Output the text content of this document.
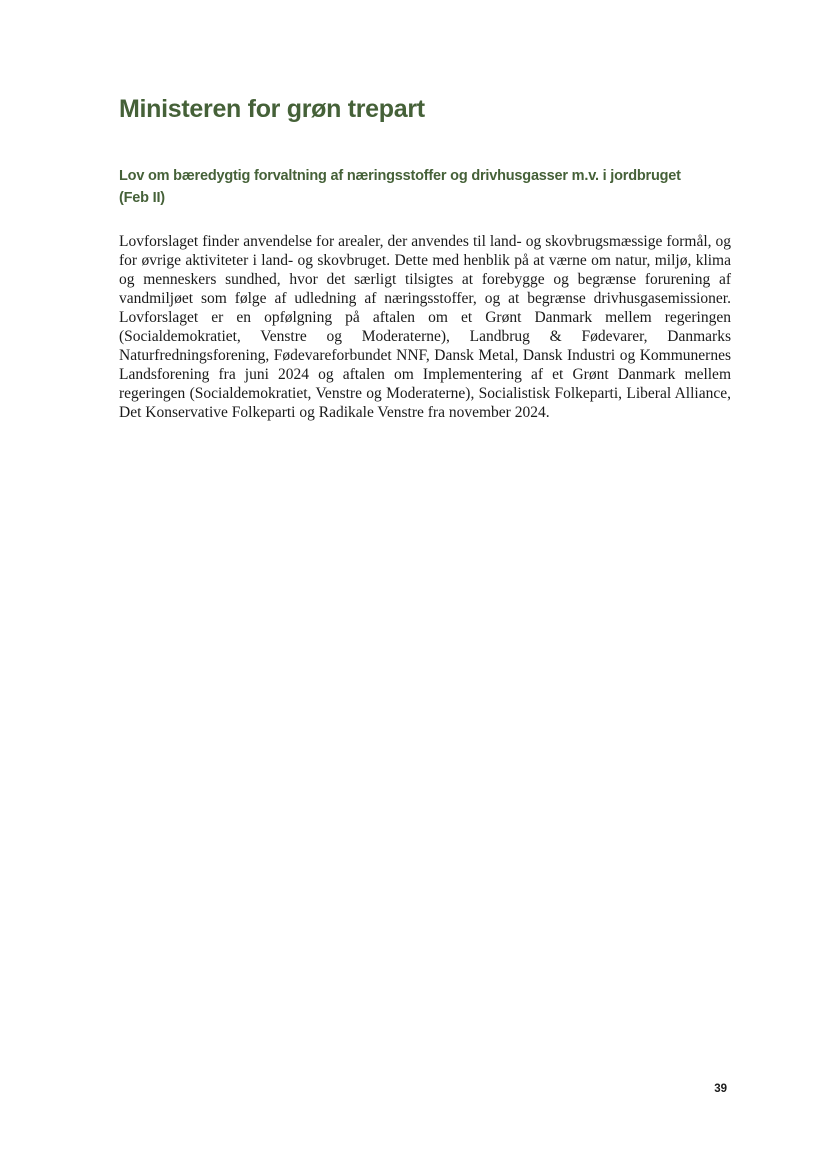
Ministeren for grøn trepart
Lov om bæredygtig forvaltning af næringsstoffer og drivhusgasser m.v. i jordbruget
(Feb II)

Lovforslaget finder anvendelse for arealer, der anvendes til land- og skovbrugsmæssige formål, og for øvrige aktiviteter i land- og skovbruget. Dette med henblik på at værne om natur, miljø, klima og menneskers sundhed, hvor det særligt tilsigtes at forebygge og begrænse forurening af vandmiljøet som følge af udledning af næringsstoffer, og at begrænse drivhusgasemissioner. Lovforslaget er en opfølgning på aftalen om et Grønt Danmark mellem regeringen (Socialdemokratiet, Venstre og Moderaterne), Landbrug & Fødevarer, Danmarks Naturfredningsforening, Fødevareforbundet NNF, Dansk Metal, Dansk Industri og Kommunernes Landsforening fra juni 2024 og aftalen om Implementering af et Grønt Danmark mellem regeringen (Socialdemokratiet, Venstre og Moderaterne), Socialistisk Folkeparti, Liberal Alliance, Det Konservative Folkeparti og Radikale Venstre fra november 2024.

39
